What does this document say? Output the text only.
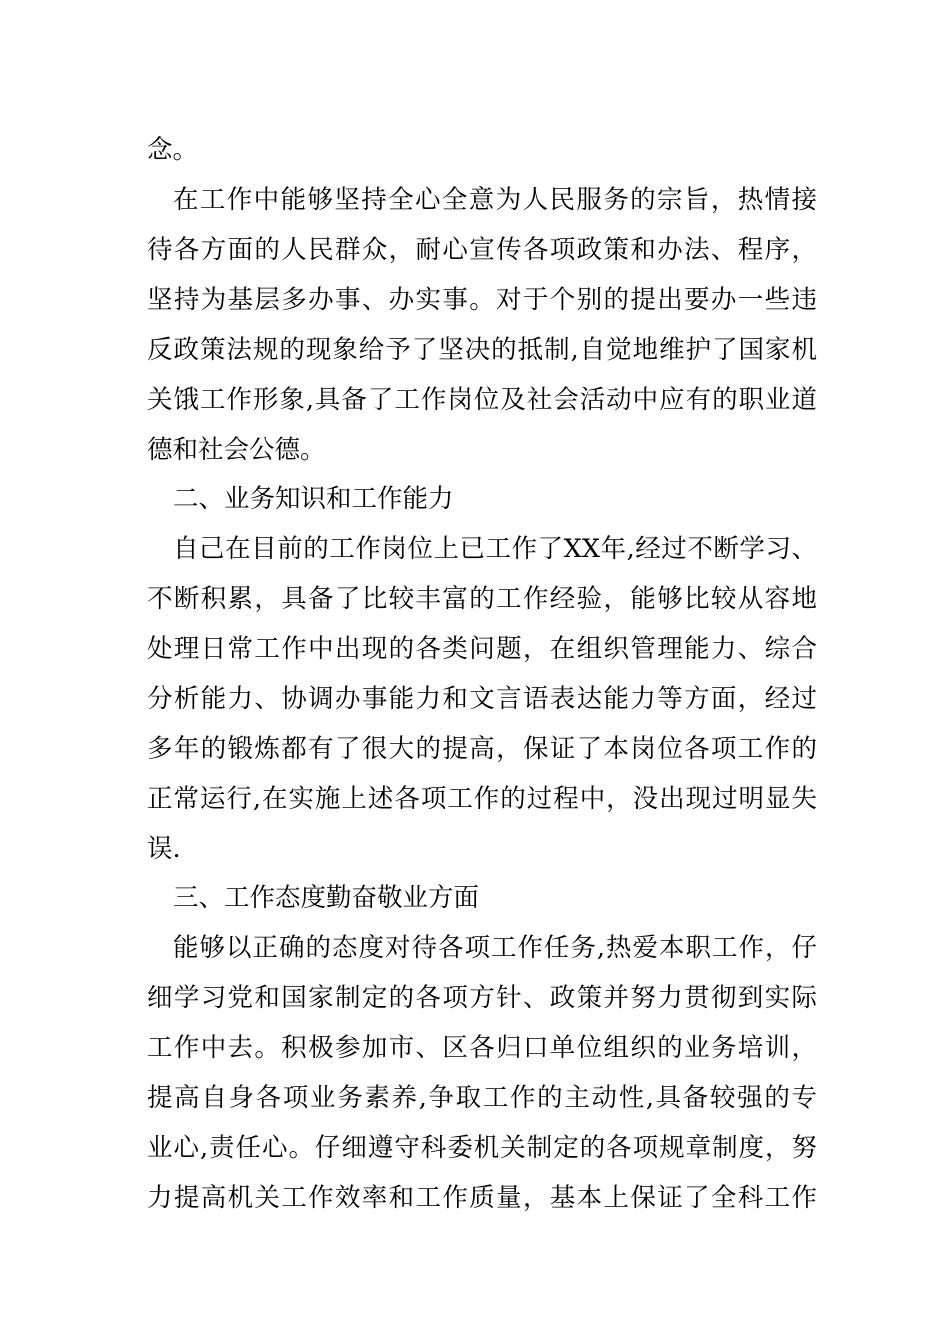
念。
在工作中能够坚持全心全意为人民服务的宗旨，热情接
待各方面的人民群众，耐心宣传各项政策和办法、程序，
坚持为基层多办事、办实事。对于个别的提出要办一些违
反政策法规的现象给予了坚决的抵制,自觉地维护了国家机
关饿工作形象,具备了工作岗位及社会活动中应有的职业道
德和社会公德。
二、业务知识和工作能力
自己在目前的工作岗位上已工作了XX年,经过不断学习、
不断积累，具备了比较丰富的工作经验，能够比较从容地
处理日常工作中出现的各类问题，在组织管理能力、综合
分析能力、协调办事能力和文言语表达能力等方面，经过
多年的锻炼都有了很大的提高，保证了本岗位各项工作的
正常运行,在实施上述各项工作的过程中，没出现过明显失
误.
三、工作态度勤奋敬业方面
能够以正确的态度对待各项工作任务,热爱本职工作，仔
细学习党和国家制定的各项方针、政策并努力贯彻到实际
工作中去。积极参加市、区各归口单位组织的业务培训，
提高自身各项业务素养,争取工作的主动性,具备较强的专
业心,责任心。仔细遵守科委机关制定的各项规章制度，努
力提高机关工作效率和工作质量，基本上保证了全科工作
